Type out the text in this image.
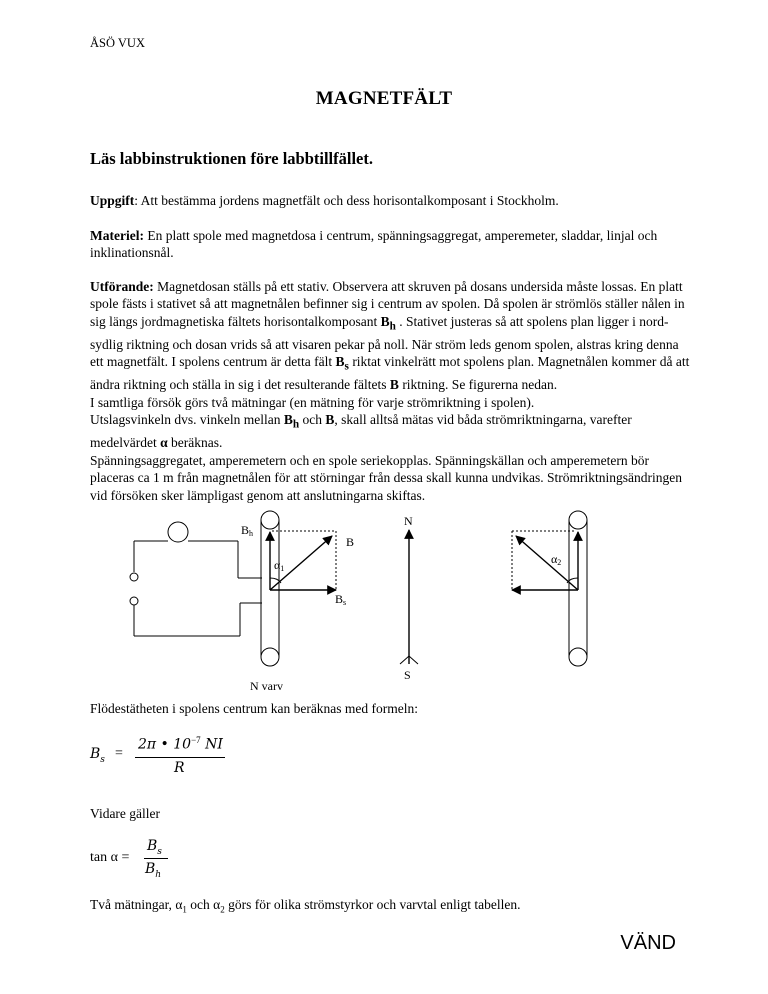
ÅSÖ VUX
MAGNETFÄLT
Läs labbinstruktionen före labbtillfället.
Uppgift: Att bestämma jordens magnetfält och dess horisontalkomposant i Stockholm.
Materiel: En platt spole med magnetdosa i centrum, spänningsaggregat, amperemeter, sladdar, linjal och inklinationsnål.
Utförande: Magnetdosan ställs på ett stativ. Observera att skruven på dosans undersida måste lossas. En platt spole fästs i stativet så att magnetnålen befinner sig i centrum av spolen. Då spolen är strömlös ställer nålen in sig längs jordmagnetiska fältets horisontalkomposant $B_h$ . Stativet justeras så att spolens plan ligger i nord-sydlig riktning och dosan vrids så att visaren pekar på noll. När ström leds genom spolen, alstras kring denna ett magnetfält. I spolens centrum är detta fält $B_s$ riktat vinkelrätt mot spolens plan. Magnetnålen kommer då att ändra riktning och ställa in sig i det resulterande fältets B riktning. Se figurerna nedan.
I samtliga försök görs två mätningar (en mätning för varje strömriktning i spolen).
Utslagsvinkeln dvs. vinkeln mellan $B_h$ och B, skall alltså mätas vid båda strömriktningarna, varefter medelvärdet α beräknas.
Spänningsaggregatet, amperemetern och en spole seriekopplas. Spänningskällan och amperemetern bör placeras ca 1 m från magnetnålen för att störningar från dessa skall kunna undvikas. Strömriktningsändringen vid försöken sker lämpligast genom att anslutningarna skiftas.
Bh
B
α1
Bs
N
S
α2
N varv
Flödestätheten i spolens centrum kan beräknas med formeln:
$B_s$ =
2π • $10^{-7}$ NI
R
Vidare gäller
tan α =
$B_s$
$B_h$
Två mätningar, $\alpha_1$ och $\alpha_2$ görs för olika strömstyrkor och varvtal enligt tabellen.
VÄND
